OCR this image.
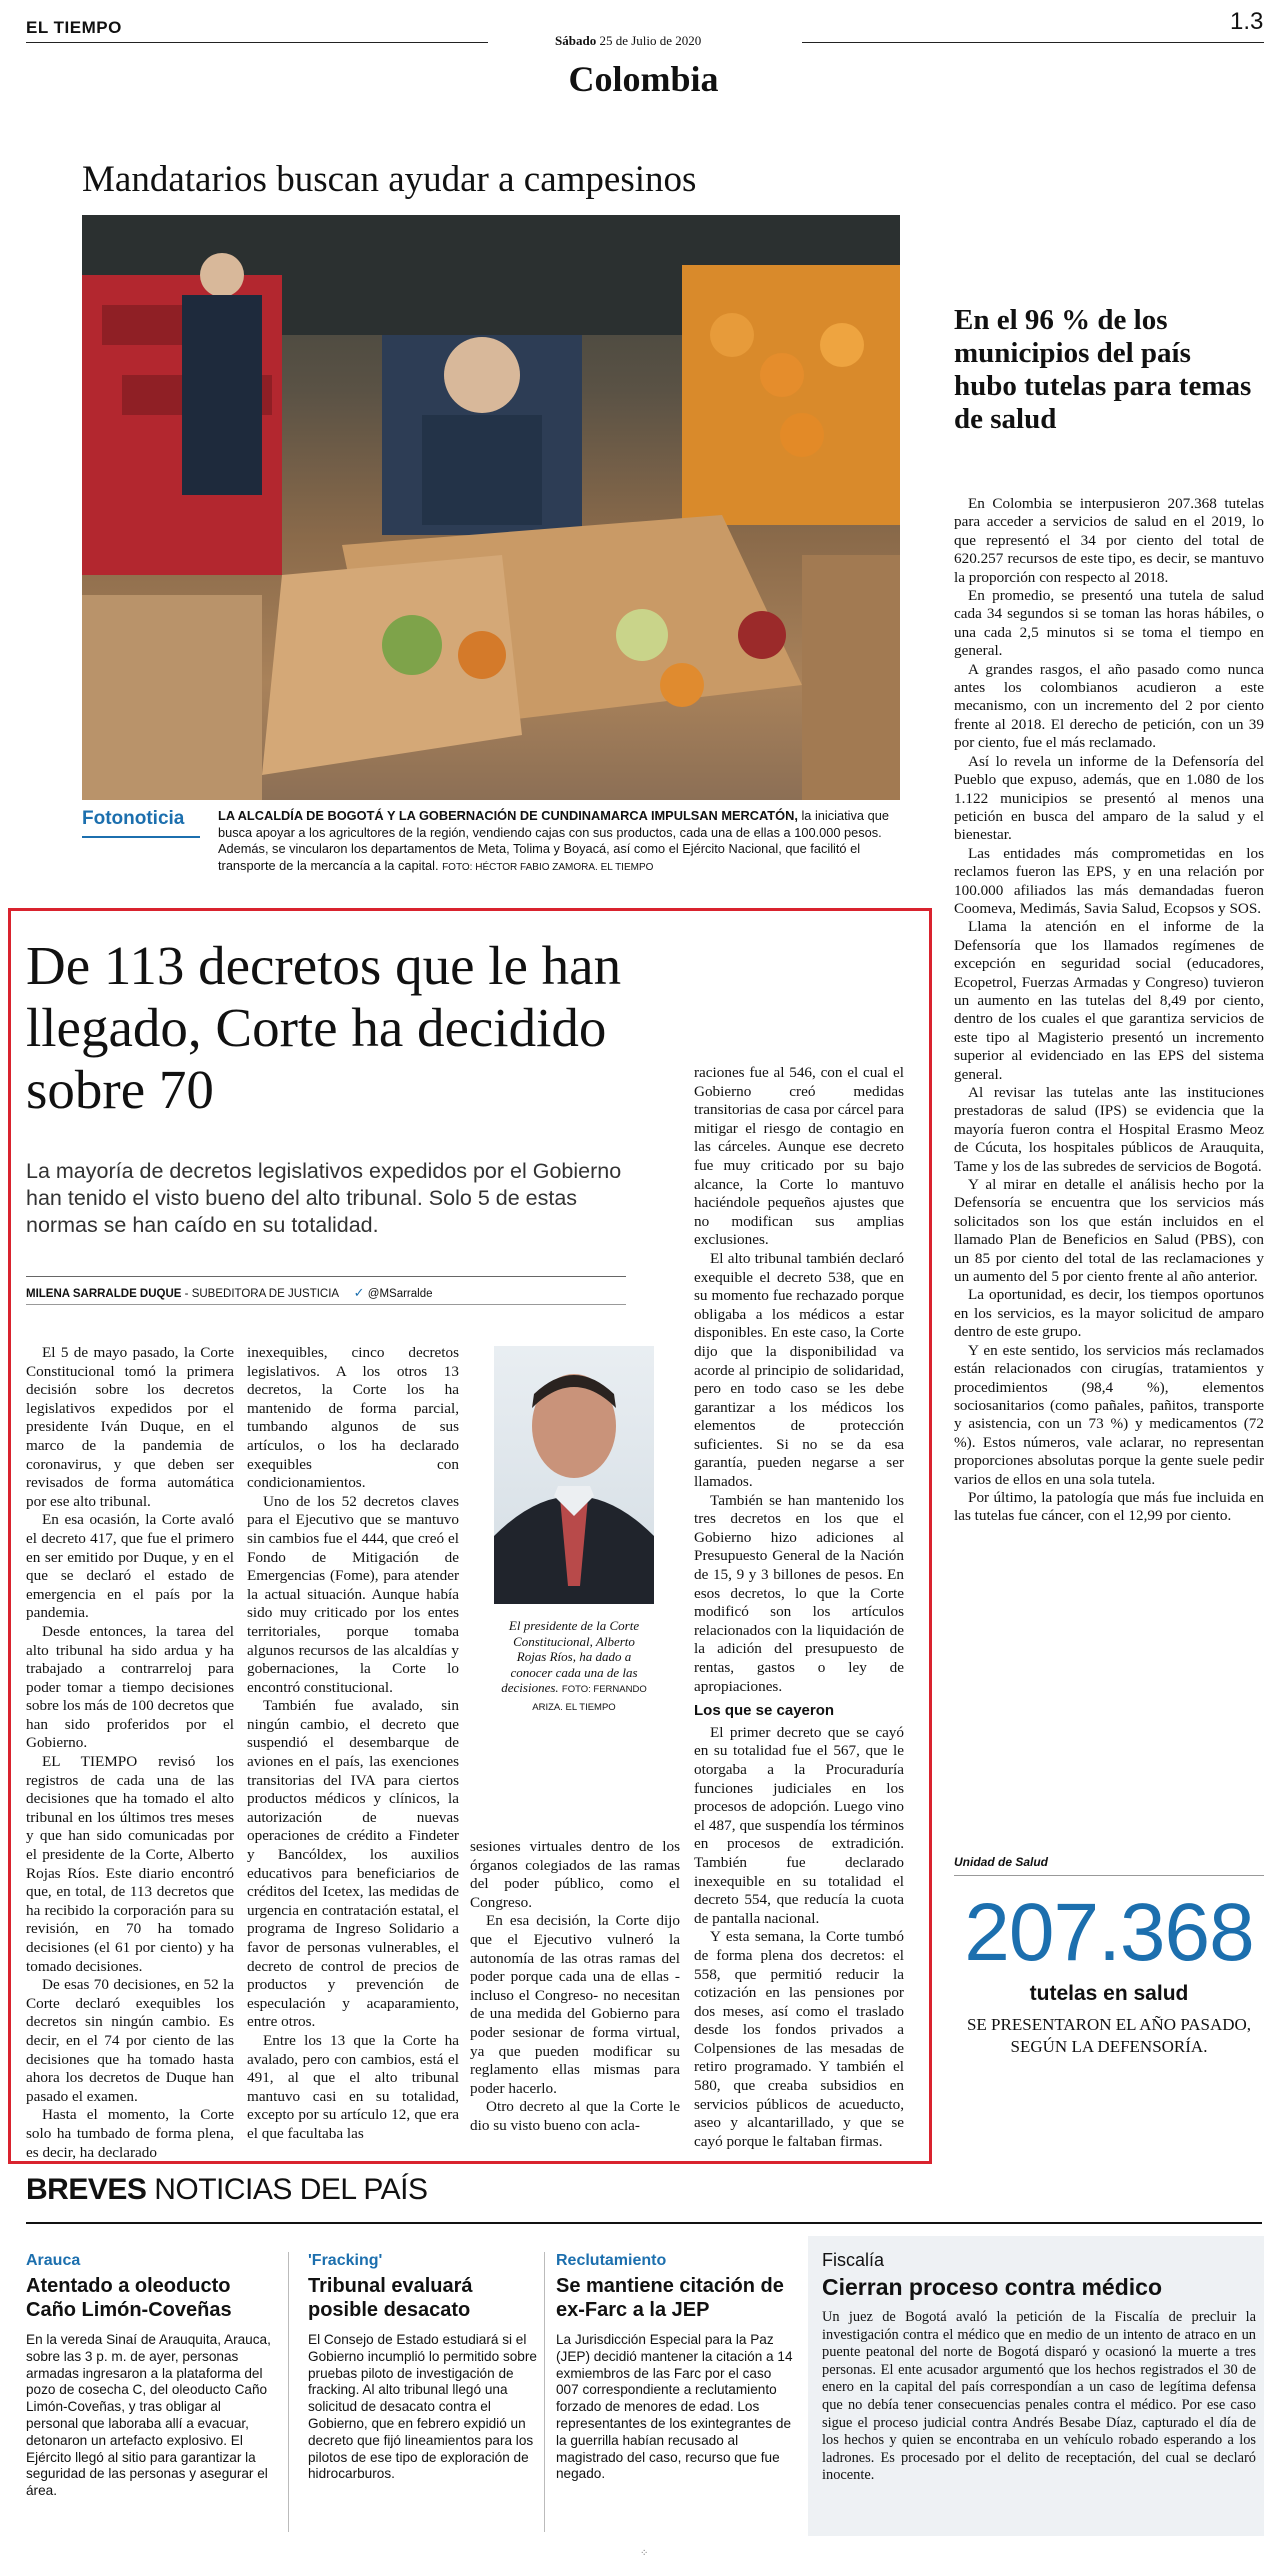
EL TIEMPO
Sábado 25 de Julio de 2020
1.3
Colombia
Mandatarios buscan ayudar a campesinos
Fotonoticia	LA ALCALDÍA DE BOGOTÁ Y LA GOBERNACIÓN DE CUNDINAMARCA IMPULSAN MERCATÓN, la iniciativa que busca apoyar a los agricultores de la región, vendiendo cajas con sus productos, cada una de ellas a 100.000 pesos. Además, se vincularon los departamentos de Meta, Tolima y Boyacá, así como el Ejército Nacional, que facilitó el transporte de la mercancía a la capital. FOTO: HÉCTOR FABIO ZAMORA. EL TIEMPO
De 113 decretos que le han llegado, Corte ha decidido sobre 70
La mayoría de decretos legislativos expedidos por el Gobierno han tenido el visto bueno del alto tribunal. Solo 5 de estas normas se han caído en su totalidad.
MILENA SARRALDE DUQUE - SUBEDITORA DE JUSTICIA ✓ @MSarralde

El 5 de mayo pasado, la Corte Constitucional tomó la primera decisión sobre los decretos legislativos expedidos por el presidente Iván Duque, en el marco de la pandemia de coronavirus, y que deben ser revisados de forma automática por ese alto tribunal.

En esa ocasión, la Corte avaló el decreto 417, que fue el primero en ser emitido por Duque, y en el que se declaró el estado de emergencia en el país por la pandemia.

Desde entonces, la tarea del alto tribunal ha sido ardua y ha trabajado a contrarreloj para poder tomar a tiempo decisiones sobre los más de 100 decretos que han sido proferidos por el Gobierno.

EL TIEMPO revisó los registros de cada una de las decisiones que ha tomado el alto tribunal en los últimos tres meses y que han sido comunicadas por el presidente de la Corte, Alberto Rojas Ríos. Este diario encontró que, en total, de 113 decretos que ha recibido la corporación para su revisión, en 70 ha tomado decisiones (el 61 por ciento) y ha tomado decisiones.

De esas 70 decisiones, en 52 la Corte declaró exequibles los decretos sin ningún cambio. Es decir, en el 74 por ciento de las decisiones que ha tomado hasta ahora los decretos de Duque han pasado el examen.

Hasta el momento, la Corte solo ha tumbado de forma plena, es decir, ha declarado

inexequibles, cinco decretos legislativos. A los otros 13 decretos, la Corte los ha mantenido de forma parcial, tumbando algunos de sus artículos, o los ha declarado exequibles con condicionamientos.

Uno de los 52 decretos claves para el Ejecutivo que se mantuvo sin cambios fue el 444, que creó el Fondo de Mitigación de Emergencias (Fome), para atender la actual situación. Aunque había sido muy criticado por los entes territoriales, porque tomaba algunos recursos de las alcaldías y gobernaciones, la Corte lo encontró constitucional.

También fue avalado, sin ningún cambio, el decreto que suspendió el desembarque de aviones en el país, las exenciones transitorias del IVA para ciertos productos médicos y clínicos, la autorización de nuevas operaciones de crédito a Findeter y Bancóldex, los auxilios educativos para beneficiarios de créditos del Icetex, las medidas de urgencia en contratación estatal, el programa de Ingreso Solidario a favor de personas vulnerables, el decreto de control de precios de productos y prevención de especulación y acaparamiento, entre otros.

Entre los 13 que la Corte ha avalado, pero con cambios, está el 491, al que el alto tribunal mantuvo casi en su totalidad, excepto por su artículo 12, que era el que facultaba las

El presidente de la Corte Constitucional, Alberto Rojas Ríos, ha dado a conocer cada una de las decisiones. FOTO: FERNANDO ARIZA. EL TIEMPO

sesiones virtuales dentro de los órganos colegiados de las ramas del poder público, como el Congreso.

En esa decisión, la Corte dijo que el Ejecutivo vulneró la autonomía de las otras ramas del poder porque cada una de ellas -incluso el Congreso- no necesitan de una medida del Gobierno para poder sesionar de forma virtual, ya que pueden modificar su reglamento ellas mismas para poder hacerlo.

Otro decreto al que la Corte le dio su visto bueno con acla-

raciones fue al 546, con el cual el Gobierno creó medidas transitorias de casa por cárcel para mitigar el riesgo de contagio en las cárceles. Aunque ese decreto fue muy criticado por su bajo alcance, la Corte lo mantuvo haciéndole pequeños ajustes que no modifican sus amplias exclusiones.

El alto tribunal también declaró exequible el decreto 538, que en su momento fue rechazado porque obligaba a los médicos a estar disponibles. En este caso, la Corte dijo que la disponibilidad va acorde al principio de solidaridad, pero en todo caso se les debe garantizar a los médicos los elementos de protección suficientes. Si no se da esa garantía, pueden negarse a ser llamados.

También se han mantenido los tres decretos en los que el Gobierno hizo adiciones al Presupuesto General de la Nación de 15, 9 y 3 billones de pesos. En esos decretos, lo que la Corte modificó son los artículos relacionados con la liquidación de la adición del presupuesto de rentas, gastos o ley de apropiaciones.

Los que se cayeron

El primer decreto que se cayó en su totalidad fue el 567, que le otorgaba a la Procuraduría funciones judiciales en los procesos de adopción. Luego vino el 487, que suspendía los términos en procesos de extradición. También fue declarado inexequible en su totalidad el decreto 554, que reducía la cuota de pantalla nacional.

Y esta semana, la Corte tumbó de forma plena dos decretos: el 558, que permitió reducir la cotización en las pensiones por dos meses, así como el traslado desde los fondos privados a Colpensiones de las mesadas de retiro programado. Y también el 580, que creaba subsidios en servicios públicos de acueducto, aseo y alcantarillado, y que se cayó porque le faltaban firmas.

En el 96 % de los municipios del país hubo tutelas para temas de salud

En Colombia se interpusieron 207.368 tutelas para acceder a servicios de salud en el 2019, lo que representó el 34 por ciento del total de 620.257 recursos de este tipo, es decir, se mantuvo la proporción con respecto al 2018.

En promedio, se presentó una tutela de salud cada 34 segundos si se toman las horas hábiles, o una cada 2,5 minutos si se toma el tiempo en general.

A grandes rasgos, el año pasado como nunca antes los colombianos acudieron a este mecanismo, con un incremento del 2 por ciento frente al 2018. El derecho de petición, con un 39 por ciento, fue el más reclamado.

Así lo revela un informe de la Defensoría del Pueblo que expuso, además, que en 1.080 de los 1.122 municipios se presentó al menos una petición en busca del amparo de la salud y el bienestar.

Las entidades más comprometidas en los reclamos fueron las EPS, y en una relación por 100.000 afiliados las más demandadas fueron Coomeva, Medimás, Savia Salud, Ecopsos y SOS.

Llama la atención en el informe de la Defensoría que los llamados regímenes de excepción en seguridad social (educadores, Ecopetrol, Fuerzas Armadas y Congreso) tuvieron un aumento en las tutelas del 8,49 por ciento, dentro de los cuales el que garantiza servicios de este tipo al Magisterio presentó un incremento superior al evidenciado en las EPS del sistema general.

Al revisar las tutelas ante las instituciones prestadoras de salud (IPS) se evidencia que la mayoría fueron contra el Hospital Erasmo Meoz de Cúcuta, los hospitales públicos de Arauquita, Tame y los de las subredes de servicios de Bogotá.

Y al mirar en detalle el análisis hecho por la Defensoría se encuentra que los servicios más solicitados son los que están incluidos en el llamado Plan de Beneficios en Salud (PBS), con un 85 por ciento del total de las reclamaciones y un aumento del 5 por ciento frente al año anterior.

La oportunidad, es decir, los tiempos oportunos en los servicios, es la mayor solicitud de amparo dentro de este grupo.

Y en este sentido, los servicios más reclamados están relacionados con cirugías, tratamientos y procedimientos (98,4 %), elementos sociosanitarios (como pañales, pañitos, transporte y asistencia, con un 73 %) y medicamentos (72 %). Estos números, vale aclarar, no representan proporciones absolutas porque la gente suele pedir varios de ellos en una sola tutela.

Por último, la patología que más fue incluida en las tutelas fue cáncer, con el 12,99 por ciento.

Unidad de Salud
207.368
tutelas en salud
SE PRESENTARON EL AÑO PASADO, SEGÚN LA DEFENSORÍA.
BREVES NOTICIAS DEL PAÍS
Arauca
Atentado a oleoducto Caño Limón-Coveñas
En la vereda Sinaí de Arauquita, Arauca, sobre las 3 p. m. de ayer, personas armadas ingresaron a la plataforma del pozo de cosecha C, del oleoducto Caño Limón-Coveñas, y tras obligar al personal que laboraba allí a evacuar, detonaron un artefacto explosivo. El Ejército llegó al sitio para garantizar la seguridad de las personas y asegurar el área.
'Fracking'
Tribunal evaluará posible desacato
El Consejo de Estado estudiará si el Gobierno incumplió lo permitido sobre pruebas piloto de investigación de fracking. Al alto tribunal llegó una solicitud de desacato contra el Gobierno, que en febrero expidió un decreto que fijó lineamientos para los pilotos de ese tipo de exploración de hidrocarburos.
Reclutamiento
Se mantiene citación de ex-Farc a la JEP
La Jurisdicción Especial para la Paz (JEP) decidió mantener la citación a 14 exmiembros de las Farc por el caso 007 correspondiente a reclutamiento forzado de menores de edad. Los representantes de los exintegrantes de la guerrilla habían recusado al magistrado del caso, recurso que fue negado.
Fiscalía
Cierran proceso contra médico
Un juez de Bogotá avaló la petición de la Fiscalía de precluir la investigación contra el médico que en medio de un intento de atraco en un puente peatonal del norte de Bogotá disparó y ocasionó la muerte a tres personas. El ente acusador argumentó que los hechos registrados el 30 de enero en la capital del país correspondían a un caso de legítima defensa que no debía tener consecuencias penales contra el médico. Por ese caso sigue el proceso judicial contra Andrés Besabe Díaz, capturado el día de los hechos y quien se encontraba en un vehículo robado esperando a los ladrones. Es procesado por el delito de receptación, del cual se declaró inocente.
⁘
